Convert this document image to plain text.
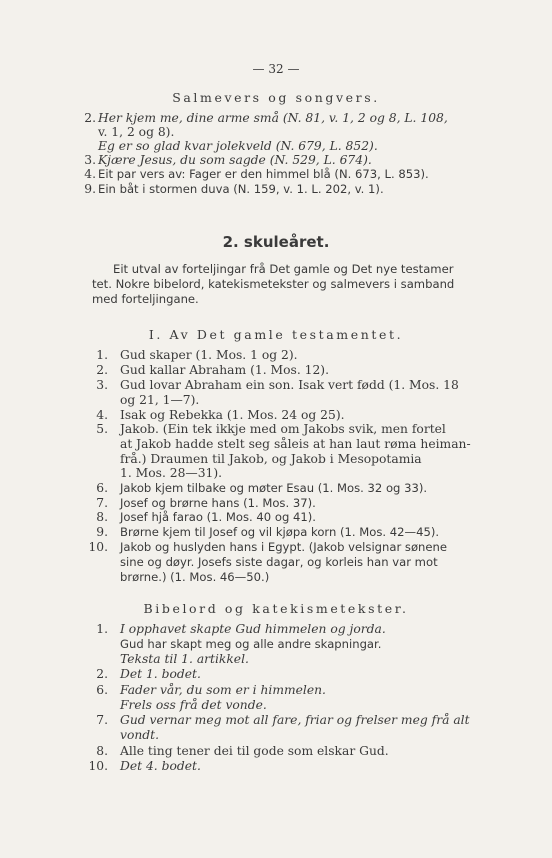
— 32 —
Salmevers og songvers.
2. Her kjem me, dine arme små (N. 81, v. 1, 2 og 8, L. 108,
v. 1, 2 og 8).
Eg er so glad kvar jolekveld (N. 679, L. 852).
3. Kjære Jesus, du som sagde (N. 529, L. 674).
4. Eit par vers av: Fager er den himmel blå (N. 673, L. 853).
9. Ein båt i stormen duva (N. 159, v. 1. L. 202, v. 1).
2. skuleåret.
Eit utval av forteljingar frå Det gamle og Det nye testamer
tet. Nokre bibelord, katekismetekster og salmevers i samband
med forteljingane.
I. Av Det gamle testamentet.
1. Gud skaper (1. Mos. 1 og 2).
2. Gud kallar Abraham (1. Mos. 12).
3. Gud lovar Abraham ein son. Isak vert fødd (1. Mos. 18
og 21, 1—7).
4. Isak og Rebekka (1. Mos. 24 og 25).
5. Jakob. (Ein tek ikkje med om Jakobs svik, men fortel
at Jakob hadde stelt seg såleis at han laut røma heiman-
frå.) Draumen til Jakob, og Jakob i Mesopotamia
1. Mos. 28—31).
6. Jakob kjem tilbake og møter Esau (1. Mos. 32 og 33).
7. Josef og brørne hans (1. Mos. 37).
8. Josef hjå farao (1. Mos. 40 og 41).
9. Brørne kjem til Josef og vil kjøpa korn (1. Mos. 42—45).
10. Jakob og huslyden hans i Egypt. (Jakob velsignar sønene
sine og døyr. Josefs siste dagar, og korleis han var mot
brørne.) (1. Mos. 46—50.)
Bibelord og katekismetekster.
1. I opphavet skapte Gud himmelen og jorda.
Gud har skapt meg og alle andre skapningar.
Teksta til 1. artikkel.
2. Det 1. bodet.
6. Fader vår, du som er i himmelen.
Frels oss frå det vonde.
7. Gud vernar meg mot all fare, friar og frelser meg frå alt
vondt.
8. Alle ting tener dei til gode som elskar Gud.
10. Det 4. bodet.
